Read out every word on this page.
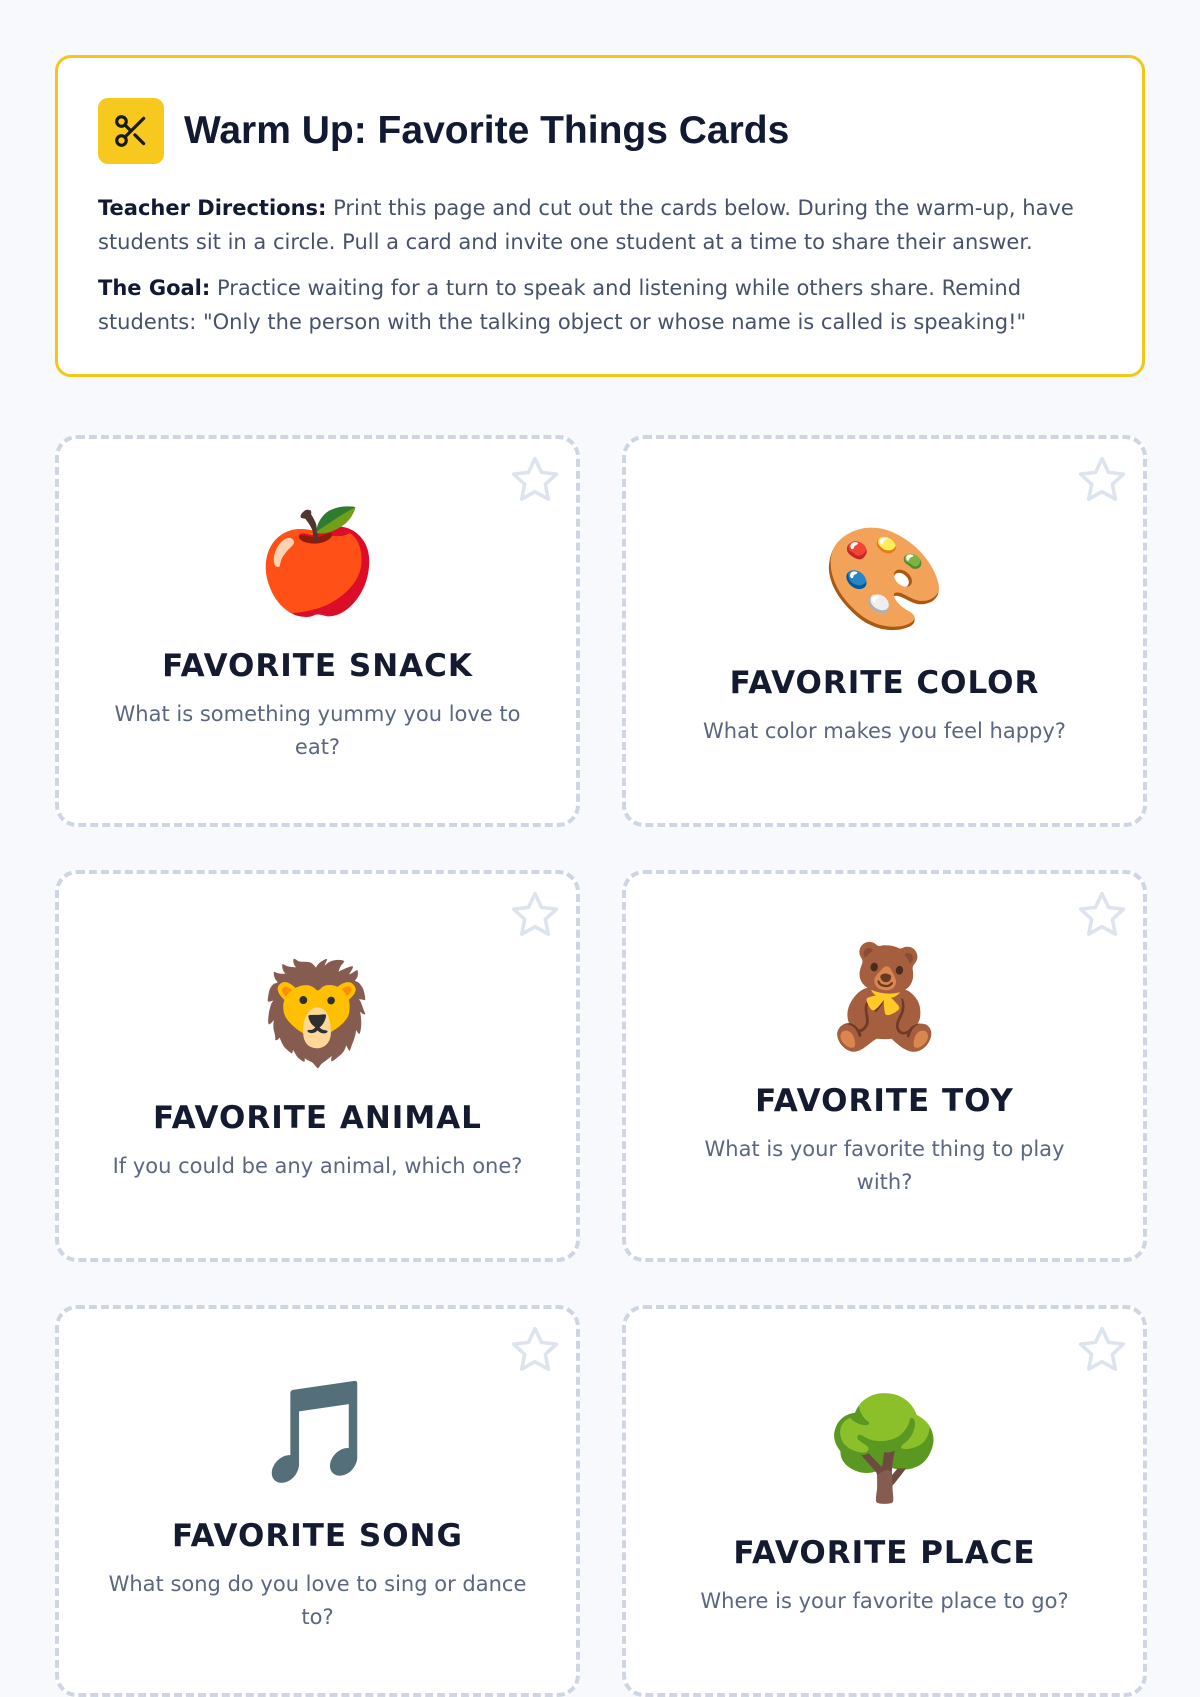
Warm Up: Favorite Things Cards
Teacher Directions: Print this page and cut out the cards below. During the warm-up, have students sit in a circle. Pull a card and invite one student at a time to share their answer.
The Goal: Practice waiting for a turn to speak and listening while others share. Remind students: "Only the person with the talking object or whose name is called is speaking!"
🍎
FAVORITE SNACK
What is something yummy you love to eat?
🎨
FAVORITE COLOR
What color makes you feel happy?
🦁
FAVORITE ANIMAL
If you could be any animal, which one?
🧸
FAVORITE TOY
What is your favorite thing to play with?
🎵
FAVORITE SONG
What song do you love to sing or dance to?
🌳
FAVORITE PLACE
Where is your favorite place to go?
